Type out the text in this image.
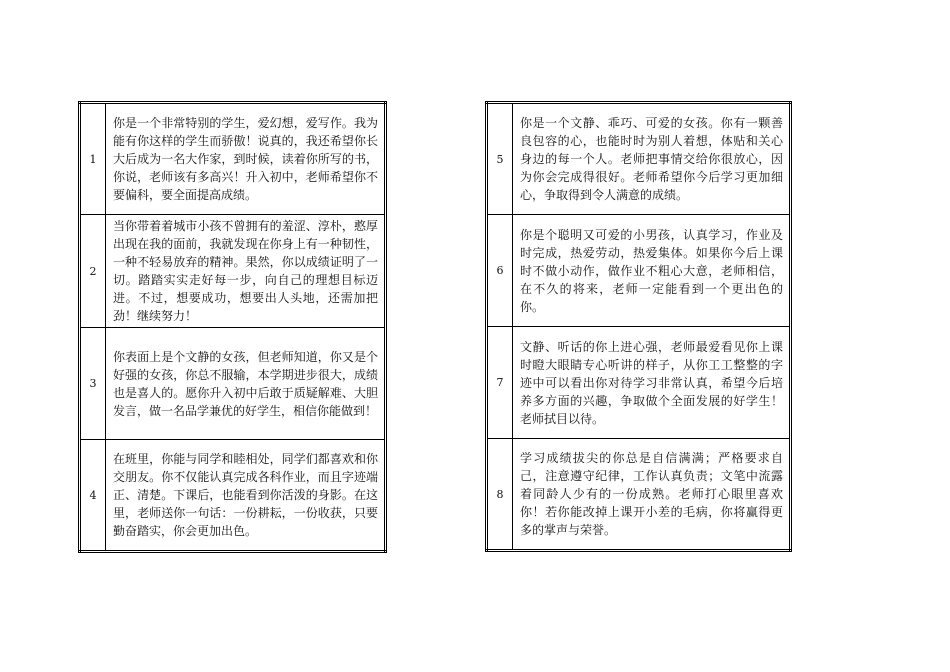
1	你是一个非常特别的学生，爱幻想，爱写作。我为能有你这样的学生而骄傲！说真的，我还希望你长大后成为一名大作家，到时候，读着你所写的书，你说，老师该有多高兴！升入初中，老师希望你不要偏科，要全面提高成绩。
2	当你带着着城市小孩不曾拥有的羞涩、淳朴，憨厚出现在我的面前，我就发现在你身上有一种韧性，一种不轻易放弃的精神。果然，你以成绩证明了一切。踏踏实实走好每一步，向自己的理想目标迈进。不过，想要成功，想要出人头地，还需加把劲！继续努力！
3	你表面上是个文静的女孩，但老师知道，你又是个好强的女孩，你总不服输，本学期进步很大，成绩也是喜人的。愿你升入初中后敢于质疑解难、大胆发言，做一名品学兼优的好学生，相信你能做到！
4	在班里，你能与同学和睦相处，同学们都喜欢和你交朋友。你不仅能认真完成各科作业，而且字迹端正、清楚。下课后，也能看到你活泼的身影。在这里，老师送你一句话：一份耕耘，一份收获，只要勤奋踏实，你会更加出色。
5	你是一个文静、乖巧、可爱的女孩。你有一颗善良包容的心，也能时时为别人着想，体贴和关心身边的每一个人。老师把事情交给你很放心，因为你会完成得很好。老师希望你今后学习更加细心，争取得到令人满意的成绩。
6	你是个聪明又可爱的小男孩，认真学习，作业及时完成，热爱劳动，热爱集体。如果你今后上课时不做小动作，做作业不粗心大意，老师相信，在不久的将来，老师一定能看到一个更出色的你。
7	文静、听话的你上进心强，老师最爱看见你上课时瞪大眼睛专心听讲的样子，从你工工整整的字迹中可以看出你对待学习非常认真，希望今后培养多方面的兴趣，争取做个全面发展的好学生！老师拭目以待。
8	学习成绩拔尖的你总是自信满满；严格要求自己，注意遵守纪律，工作认真负责；文笔中流露着同龄人少有的一份成熟。老师打心眼里喜欢你！若你能改掉上课开小差的毛病，你将赢得更多的掌声与荣誉。
